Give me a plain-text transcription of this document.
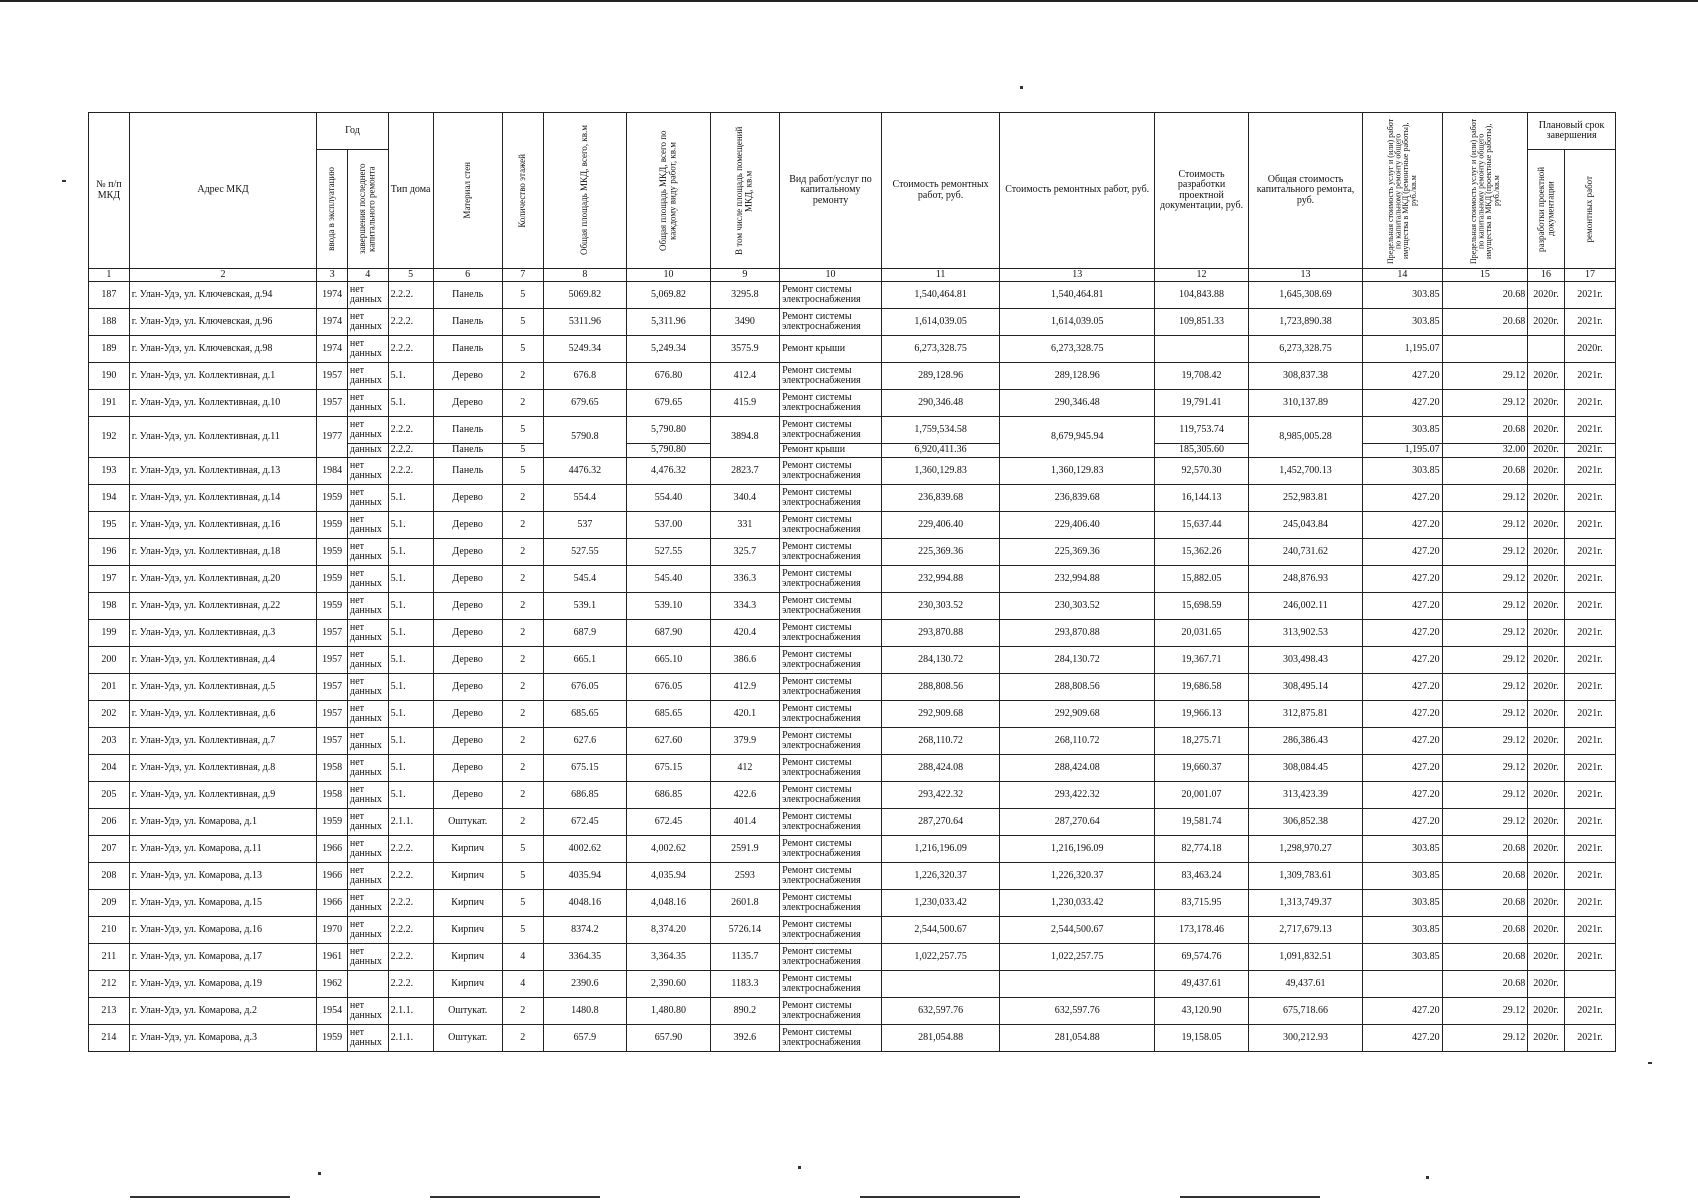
№ п/п МКД	Адрес МКД	Год		Тип дома	Материал стен	Количество этажей	Общая площадь МКД, всего, кв.м	Общая площадь МКД, всего по каждому виду работ, кв.м	В том числе площадь помещений МКД, кв.м	Вид работ/услуг по капитальному ремонту	Стоимость ремонтных работ, руб.	Стоимость ремонтных работ, руб.	Стоимость разработки проектной документации, руб.	Общая стоимость капитального ремонта, руб.	Предельная стоимость услуг и (или) работ по капитальному ремонту общего имущества в МКД (ремонтные работы), руб./кв.м	Предельная стоимость услуг и (или) работ по капитальному ремонту общего имущества в МКД (проектные работы), руб./кв.м	Плановый срок завершения	

		ввода в эксплуатацию	завершения последнего капитального ремонта														разработки проектной документации	ремонтных работ

1	2	3	4	5	6	7	8	10	9	10	11	13	12	13	14	15	16	17
187	г. Улан-Удэ, ул. Ключевская, д.94	1974	нет данных	2.2.2.	Панель	5	5069.82	5,069.82	3295.8	Ремонт системы электроснабжения	1,540,464.81	1,540,464.81	104,843.88	1,645,308.69	303.85	20.68	2020г.	2021г.
188	г. Улан-Удэ, ул. Ключевская, д.96	1974	нет данных	2.2.2.	Панель	5	5311.96	5,311.96	3490	Ремонт системы электроснабжения	1,614,039.05	1,614,039.05	109,851.33	1,723,890.38	303.85	20.68	2020г.	2021г.
189	г. Улан-Удэ, ул. Ключевская, д.98	1974	нет данных	2.2.2.	Панель	5	5249.34	5,249.34	3575.9	Ремонт крыши	6,273,328.75	6,273,328.75		6,273,328.75	1,195.07			2020г.
190	г. Улан-Удэ, ул. Коллективная, д.1	1957	нет данных	5.1.	Дерево	2	676.8	676.80	412.4	Ремонт системы электроснабжения	289,128.96	289,128.96	19,708.42	308,837.38	427.20	29.12	2020г.	2021г.
191	г. Улан-Удэ, ул. Коллективная, д.10	1957	нет данных	5.1.	Дерево	2	679.65	679.65	415.9	Ремонт системы электроснабжения	290,346.48	290,346.48	19,791.41	310,137.89	427.20	29.12	2020г.	2021г.
192	г. Улан-Удэ, ул. Коллективная, д.11	1977	нет данных	2.2.2.	Панель	5	5790.8	5,790.80	3894.8	Ремонт системы электроснабжения	1,759,534.58	8,679,945.94	119,753.74	8,985,005.28	303.85	20.68	2020г.	2021г.
			данных	2.2.2.	Панель	5		5,790.80		Ремонт крыши	6,920,411.36		185,305.60		1,195.07	32.00	2020г.	2021г.
193	г. Улан-Удэ, ул. Коллективная, д.13	1984	нет данных	2.2.2.	Панель	5	4476.32	4,476.32	2823.7	Ремонт системы электроснабжения	1,360,129.83	1,360,129.83	92,570.30	1,452,700.13	303.85	20.68	2020г.	2021г.
194	г. Улан-Удэ, ул. Коллективная, д.14	1959	нет данных	5.1.	Дерево	2	554.4	554.40	340.4	Ремонт системы электроснабжения	236,839.68	236,839.68	16,144.13	252,983.81	427.20	29.12	2020г.	2021г.
195	г. Улан-Удэ, ул. Коллективная, д.16	1959	нет данных	5.1.	Дерево	2	537	537.00	331	Ремонт системы электроснабжения	229,406.40	229,406.40	15,637.44	245,043.84	427.20	29.12	2020г.	2021г.
196	г. Улан-Удэ, ул. Коллективная, д.18	1959	нет данных	5.1.	Дерево	2	527.55	527.55	325.7	Ремонт системы электроснабжения	225,369.36	225,369.36	15,362.26	240,731.62	427.20	29.12	2020г.	2021г.
197	г. Улан-Удэ, ул. Коллективная, д.20	1959	нет данных	5.1.	Дерево	2	545.4	545.40	336.3	Ремонт системы электроснабжения	232,994.88	232,994.88	15,882.05	248,876.93	427.20	29.12	2020г.	2021г.
198	г. Улан-Удэ, ул. Коллективная, д.22	1959	нет данных	5.1.	Дерево	2	539.1	539.10	334.3	Ремонт системы электроснабжения	230,303.52	230,303.52	15,698.59	246,002.11	427.20	29.12	2020г.	2021г.
199	г. Улан-Удэ, ул. Коллективная, д.3	1957	нет данных	5.1.	Дерево	2	687.9	687.90	420.4	Ремонт системы электроснабжения	293,870.88	293,870.88	20,031.65	313,902.53	427.20	29.12	2020г.	2021г.
200	г. Улан-Удэ, ул. Коллективная, д.4	1957	нет данных	5.1.	Дерево	2	665.1	665.10	386.6	Ремонт системы электроснабжения	284,130.72	284,130.72	19,367.71	303,498.43	427.20	29.12	2020г.	2021г.
201	г. Улан-Удэ, ул. Коллективная, д.5	1957	нет данных	5.1.	Дерево	2	676.05	676.05	412.9	Ремонт системы электроснабжения	288,808.56	288,808.56	19,686.58	308,495.14	427.20	29.12	2020г.	2021г.
202	г. Улан-Удэ, ул. Коллективная, д.6	1957	нет данных	5.1.	Дерево	2	685.65	685.65	420.1	Ремонт системы электроснабжения	292,909.68	292,909.68	19,966.13	312,875.81	427.20	29.12	2020г.	2021г.
203	г. Улан-Удэ, ул. Коллективная, д.7	1957	нет данных	5.1.	Дерево	2	627.6	627.60	379.9	Ремонт системы электроснабжения	268,110.72	268,110.72	18,275.71	286,386.43	427.20	29.12	2020г.	2021г.
204	г. Улан-Удэ, ул. Коллективная, д.8	1958	нет данных	5.1.	Дерево	2	675.15	675.15	412	Ремонт системы электроснабжения	288,424.08	288,424.08	19,660.37	308,084.45	427.20	29.12	2020г.	2021г.
205	г. Улан-Удэ, ул. Коллективная, д.9	1958	нет данных	5.1.	Дерево	2	686.85	686.85	422.6	Ремонт системы электроснабжения	293,422.32	293,422.32	20,001.07	313,423.39	427.20	29.12	2020г.	2021г.
206	г. Улан-Удэ, ул. Комарова, д.1	1959	нет данных	2.1.1.	Оштукат.	2	672.45	672.45	401.4	Ремонт системы электроснабжения	287,270.64	287,270.64	19,581.74	306,852.38	427.20	29.12	2020г.	2021г.
207	г. Улан-Удэ, ул. Комарова, д.11	1966	нет данных	2.2.2.	Кирпич	5	4002.62	4,002.62	2591.9	Ремонт системы электроснабжения	1,216,196.09	1,216,196.09	82,774.18	1,298,970.27	303.85	20.68	2020г.	2021г.
208	г. Улан-Удэ, ул. Комарова, д.13	1966	нет данных	2.2.2.	Кирпич	5	4035.94	4,035.94	2593	Ремонт системы электроснабжения	1,226,320.37	1,226,320.37	83,463.24	1,309,783.61	303.85	20.68	2020г.	2021г.
209	г. Улан-Удэ, ул. Комарова, д.15	1966	нет данных	2.2.2.	Кирпич	5	4048.16	4,048.16	2601.8	Ремонт системы электроснабжения	1,230,033.42	1,230,033.42	83,715.95	1,313,749.37	303.85	20.68	2020г.	2021г.
210	г. Улан-Удэ, ул. Комарова, д.16	1970	нет данных	2.2.2.	Кирпич	5	8374.2	8,374.20	5726.14	Ремонт системы электроснабжения	2,544,500.67	2,544,500.67	173,178.46	2,717,679.13	303.85	20.68	2020г.	2021г.
211	г. Улан-Удэ, ул. Комарова, д.17	1961	нет данных	2.2.2.	Кирпич	4	3364.35	3,364.35	1135.7	Ремонт системы электроснабжения	1,022,257.75	1,022,257.75	69,574.76	1,091,832.51	303.85	20.68	2020г.	2021г.
212	г. Улан-Удэ, ул. Комарова, д.19	1962		2.2.2.	Кирпич	4	2390.6	2,390.60	1183.3	Ремонт системы электроснабжения			49,437.61	49,437.61		20.68	2020г.	
213	г. Улан-Удэ, ул. Комарова, д.2	1954	нет данных	2.1.1.	Оштукат.	2	1480.8	1,480.80	890.2	Ремонт системы электроснабжения	632,597.76	632,597.76	43,120.90	675,718.66	427.20	29.12	2020г.	2021г.
214	г. Улан-Удэ, ул. Комарова, д.3	1959	нет данных	2.1.1.	Оштукат.	2	657.9	657.90	392.6	Ремонт системы электроснабжения	281,054.88	281,054.88	19,158.05	300,212.93	427.20	29.12	2020г.	2021г.
